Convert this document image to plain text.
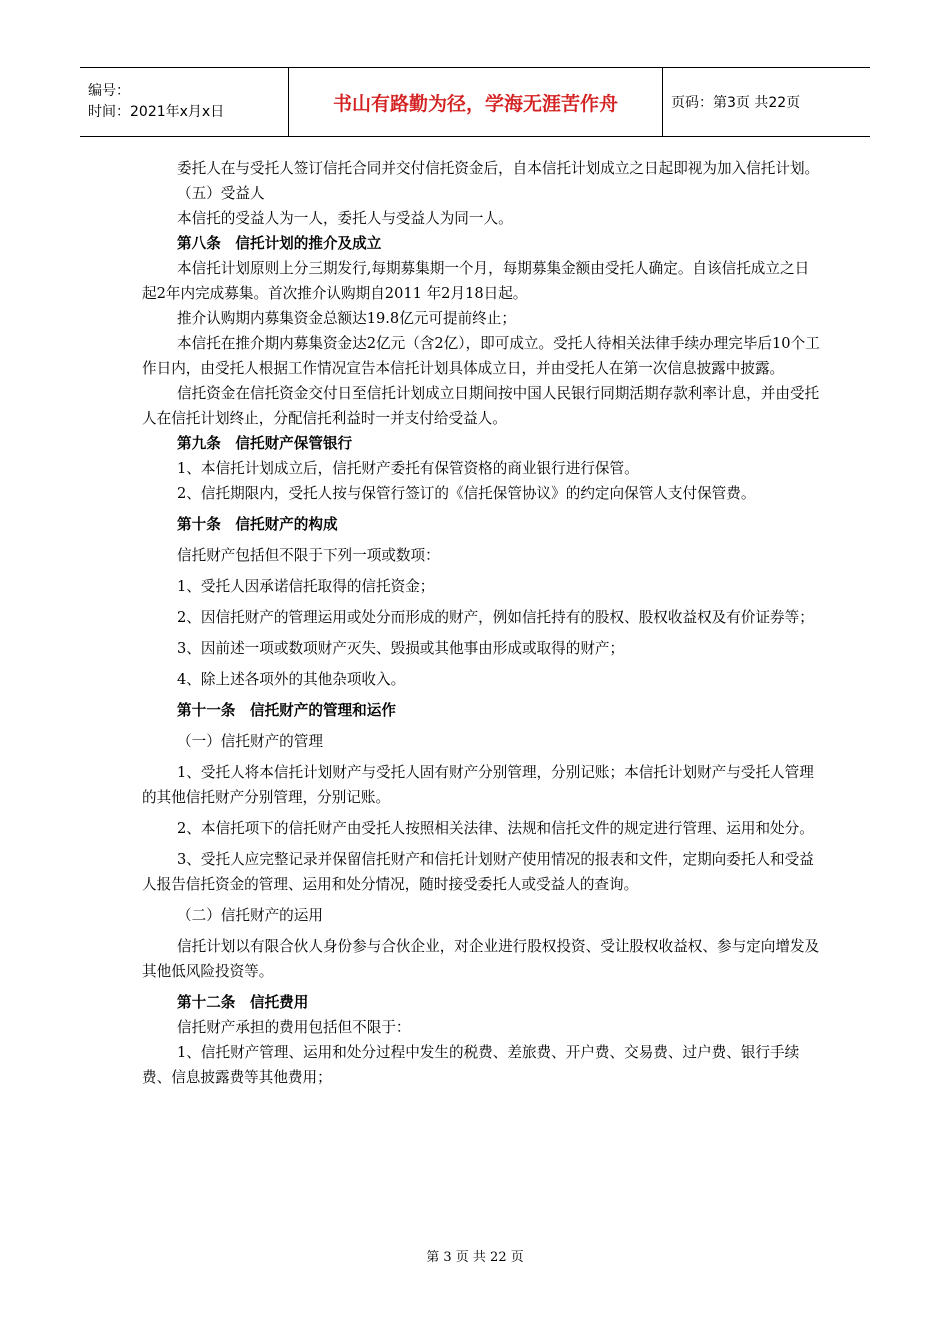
编号：
时间：2021年x月x日	书山有路勤为径，学海无涯苦作舟	页码：第3页 共22页

委托人在与受托人签订信托合同并交付信托资金后，自本信托计划成立之日起即视为加入信托计划。

（五）受益人

本信托的受益人为一人，委托人与受益人为同一人。

第八条　信托计划的推介及成立

本信托计划原则上分三期发行,每期募集期一个月，每期募集金额由受托人确定。自该信托成立之日起2年内完成募集。首次推介认购期自2011 年2月18日起。

推介认购期内募集资金总额达19.8亿元可提前终止；

本信托在推介期内募集资金达2亿元（含2亿），即可成立。受托人待相关法律手续办理完毕后10个工作日内，由受托人根据工作情况宣告本信托计划具体成立日，并由受托人在第一次信息披露中披露。

信托资金在信托资金交付日至信托计划成立日期间按中国人民银行同期活期存款利率计息，并由受托人在信托计划终止，分配信托利益时一并支付给受益人。

第九条　信托财产保管银行

1、本信托计划成立后，信托财产委托有保管资格的商业银行进行保管。

2、信托期限内，受托人按与保管行签订的《信托保管协议》的约定向保管人支付保管费。

第十条　信托财产的构成

信托财产包括但不限于下列一项或数项：

1、受托人因承诺信托取得的信托资金；

2、因信托财产的管理运用或处分而形成的财产，例如信托持有的股权、股权收益权及有价证券等；

3、因前述一项或数项财产灭失、毁损或其他事由形成或取得的财产；

4、除上述各项外的其他杂项收入。

第十一条　信托财产的管理和运作

（一）信托财产的管理

1、受托人将本信托计划财产与受托人固有财产分别管理，分别记账；本信托计划财产与受托人管理的其他信托财产分别管理，分别记账。

2、本信托项下的信托财产由受托人按照相关法律、法规和信托文件的规定进行管理、运用和处分。

3、受托人应完整记录并保留信托财产和信托计划财产使用情况的报表和文件，定期向委托人和受益人报告信托资金的管理、运用和处分情况，随时接受委托人或受益人的查询。

（二）信托财产的运用

信托计划以有限合伙人身份参与合伙企业，对企业进行股权投资、受让股权收益权、参与定向增发及其他低风险投资等。

第十二条　信托费用

信托财产承担的费用包括但不限于：

1、信托财产管理、运用和处分过程中发生的税费、差旅费、开户费、交易费、过户费、银行手续费、信息披露费等其他费用；

第 3 页 共 22 页
